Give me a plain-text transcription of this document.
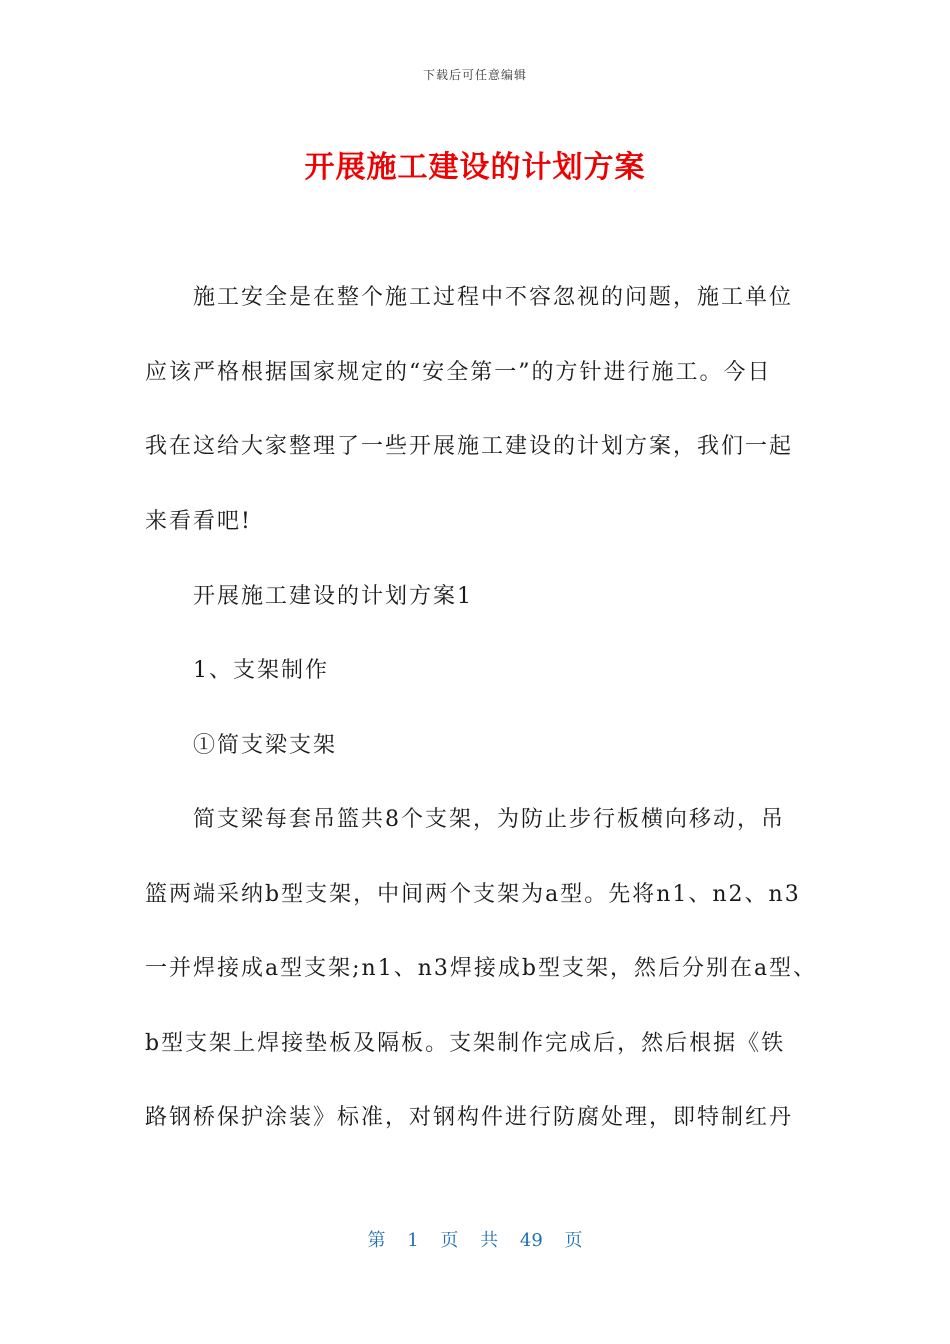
下载后可任意编辑
开展施工建设的计划方案
施工安全是在整个施工过程中不容忽视的问题，施工单位
应该严格根据国家规定的“安全第一”的方针进行施工。今日
我在这给大家整理了一些开展施工建设的计划方案，我们一起
来看看吧!
开展施工建设的计划方案1
1、支架制作
①简支梁支架
简支梁每套吊篮共8个支架，为防止步行板横向移动，吊
篮两端采纳b型支架，中间两个支架为a型。先将n1、n2、n3
一并焊接成a型支架;n1、n3焊接成b型支架，然后分别在a型、
b型支架上焊接垫板及隔板。支架制作完成后，然后根据《铁
路钢桥保护涂装》标准，对钢构件进行防腐处理，即特制红丹
第 1 页 共 49 页
